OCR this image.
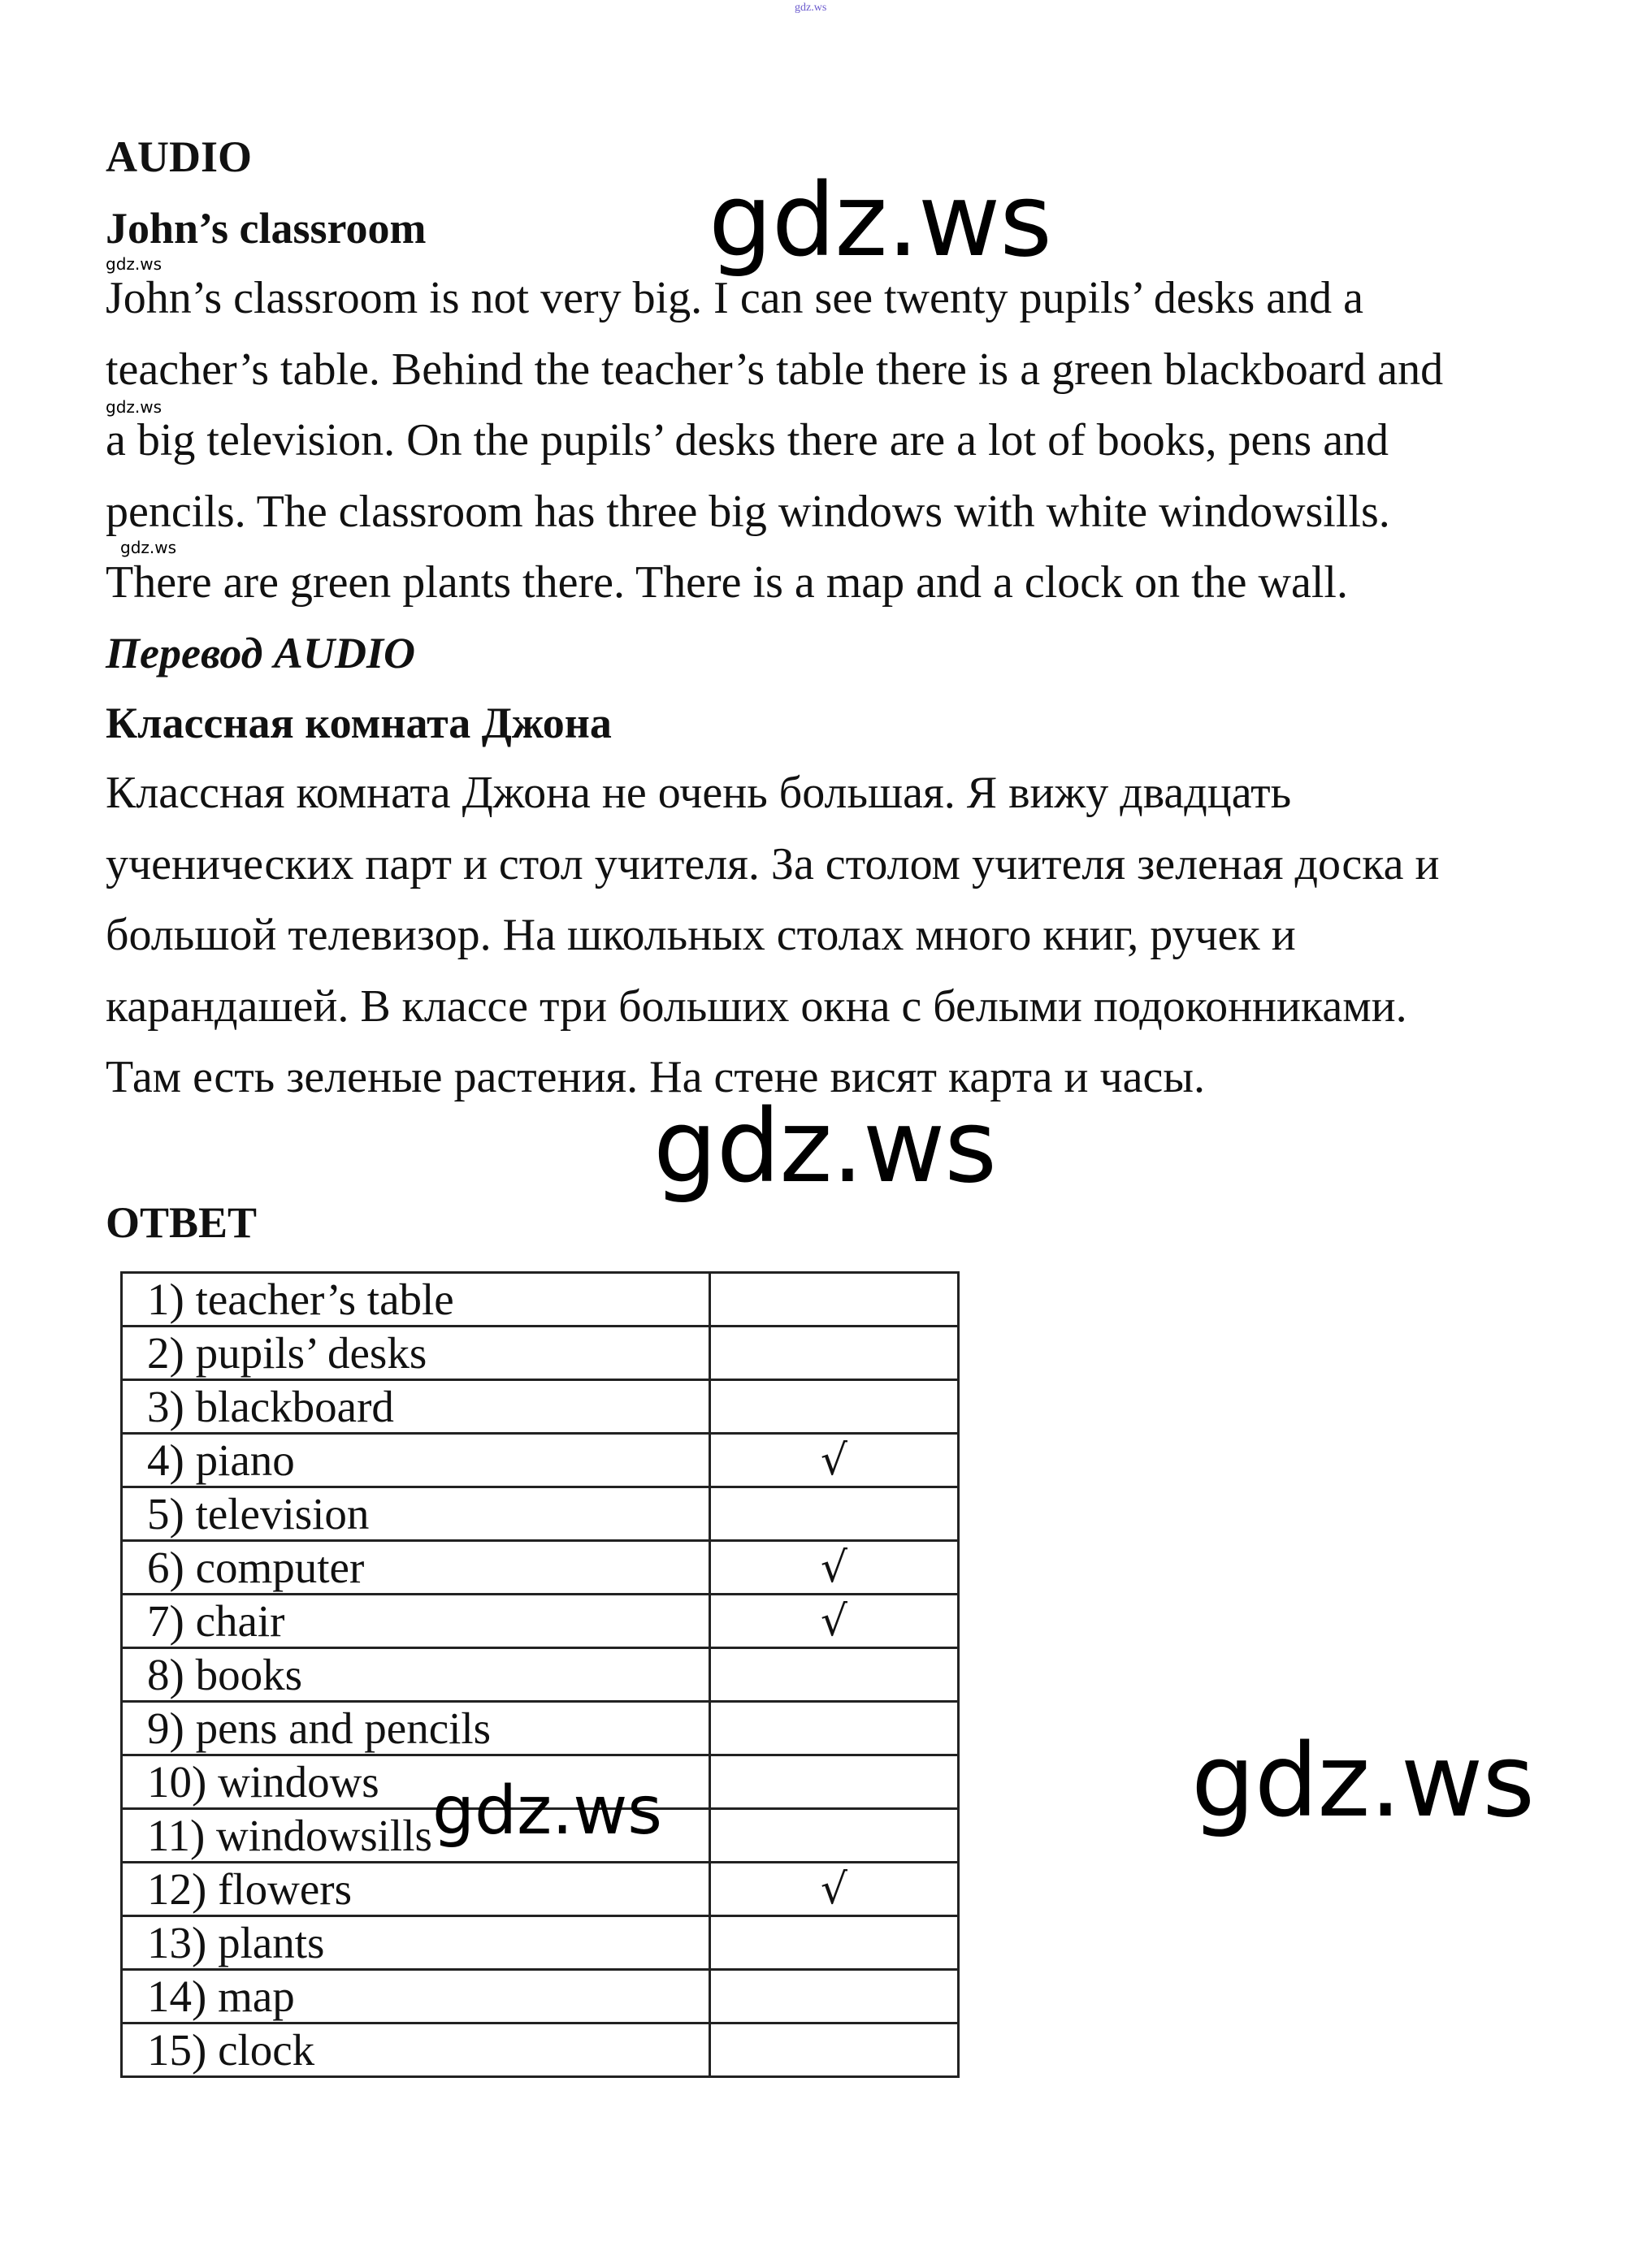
gdz.ws
AUDIO
John’s classroom	gdz.ws
gdz.ws
gdz.ws
gdz.ws

John’s classroom is not very big. I can see twenty pupils’ desks and a

teacher’s table. Behind the teacher’s table there is a green blackboard and

a big television. On the pupils’ desks there are a lot of books, pens and

pencils. The classroom has three big windows with white windowsills.

There are green plants there. There is a map and a clock on the wall.

Перевод AUDIO
Классная комната Джона

Классная комната Джона не очень большая. Я вижу двадцать

ученических парт и стол учителя. За столом учителя зеленая доска и

большой телевизор. На школьных столах много книг, ручек и

карандашей. В классе три больших окна с белыми подоконниками.

Там есть зеленые растения. На стене висят карта и часы.

gdz.ws
ОТВЕТ
1) teacher’s table	
2) pupils’ desks	
3) blackboard	
4) piano	√
5) television	
6) computer	√
7) chair	√
8) books	
9) pens and pencils	
10) windows	
11) windowsills	
12) flowers	√
13) plants	
14) map	
15) clock	
gdz.ws	gdz.ws
